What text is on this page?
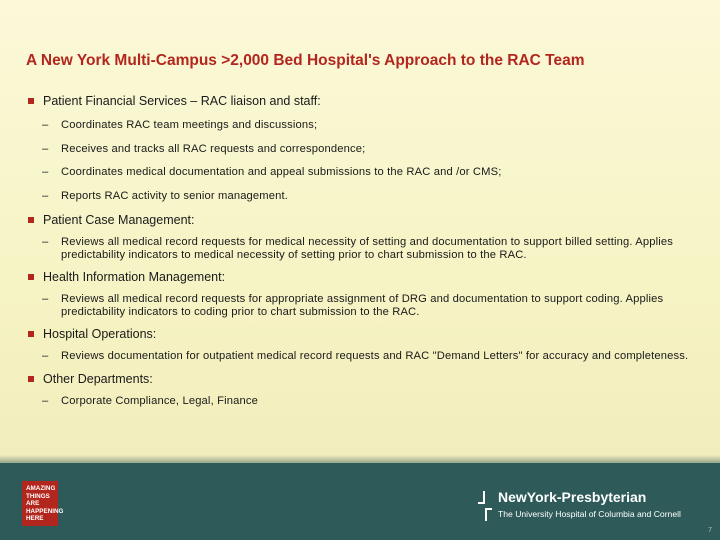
A New York Multi-Campus >2,000 Bed Hospital's Approach to the RAC Team
Patient Financial Services – RAC liaison and staff:
– Coordinates RAC team meetings and discussions;
– Receives and tracks all RAC requests and correspondence;
– Coordinates medical documentation and appeal submissions to the RAC and /or CMS;
– Reports RAC activity to senior management.
Patient Case Management:
– Reviews all medical record requests for medical necessity of setting and documentation to support billed setting. Applies predictability indicators to medical necessity of setting prior to chart submission to the RAC.
Health Information Management:
– Reviews all medical record requests for appropriate assignment of DRG and documentation to support coding. Applies predictability indicators to coding prior to chart submission to the RAC.
Hospital Operations:
– Reviews documentation for outpatient medical record requests and RAC "Demand Letters" for accuracy and completeness.
Other Departments:
– Corporate Compliance, Legal, Finance
AMAZING
THINGS
ARE
HAPPENING
HERE
NewYork-Presbyterian
The University Hospital of Columbia and Cornell
7
